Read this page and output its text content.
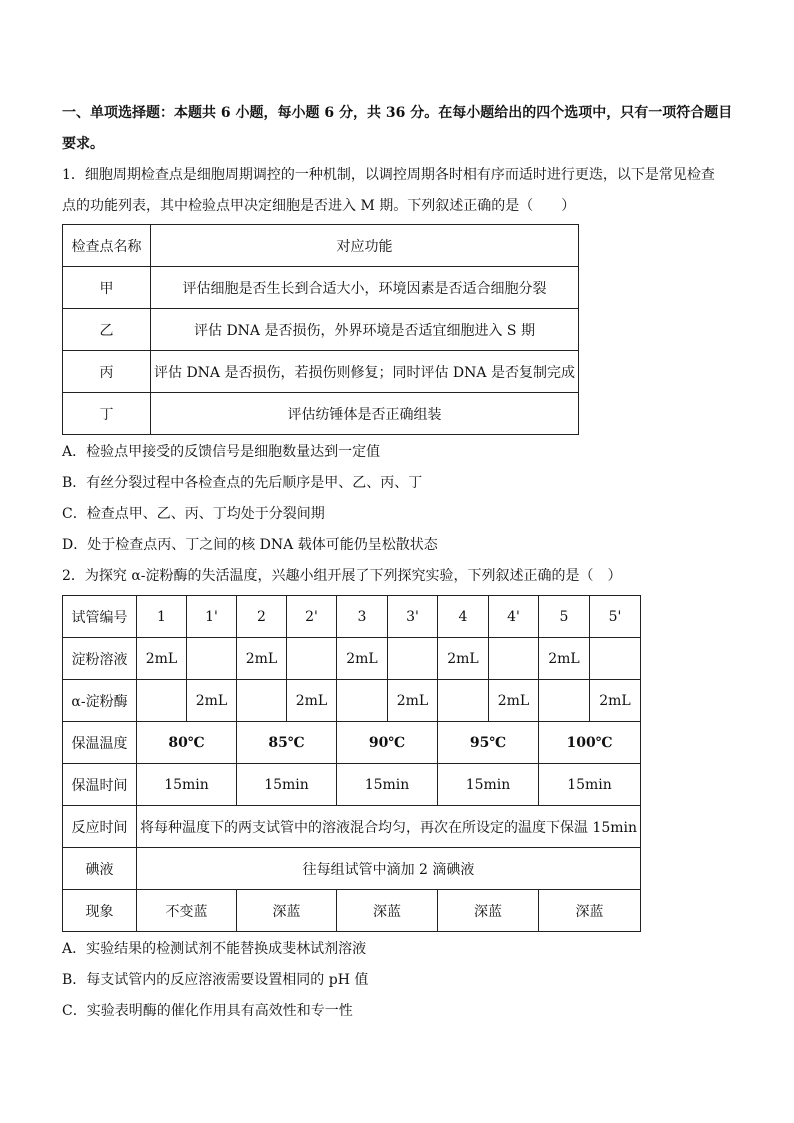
一、单项选择题：本题共 6 小题，每小题 6 分，共 36 分。在每小题给出的四个选项中，只有一项符合题目
要求。
1．细胞周期检查点是细胞周期调控的一种机制，以调控周期各时相有序而适时进行更迭，以下是常见检查
点的功能列表，其中检验点甲决定细胞是否进入 M 期。下列叙述正确的是（　　）
检查点名称	对应功能
甲	评估细胞是否生长到合适大小，环境因素是否适合细胞分裂
乙	评估 DNA 是否损伤，外界环境是否适宜细胞进入 S 期
丙	评估 DNA 是否损伤，若损伤则修复；同时评估 DNA 是否复制完成
丁	评估纺锤体是否正确组装
A．检验点甲接受的反馈信号是细胞数量达到一定值
B．有丝分裂过程中各检查点的先后顺序是甲、乙、丙、丁
C．检查点甲、乙、丙、丁均处于分裂间期
D．处于检查点丙、丁之间的核 DNA 载体可能仍呈松散状态
2．为探究 α-淀粉酶的失活温度，兴趣小组开展了下列探究实验，下列叙述正确的是（　）
试管编号	1	1'	2	2'	3	3'	4	4'	5	5'
淀粉溶液	2mL		2mL		2mL		2mL		2mL	
α-淀粉酶		2mL		2mL		2mL		2mL		2mL
保温温度	80℃		85℃		90℃		95℃		100℃	
保温时间	15min		15min		15min		15min		15min	
反应时间	将每种温度下的两支试管中的溶液混合均匀，再次在所设定的温度下保温 15min									
碘液	往每组试管中滴加 2 滴碘液									
现象	不变蓝		深蓝		深蓝		深蓝		深蓝	
A．实验结果的检测试剂不能替换成斐林试剂溶液
B．每支试管内的反应溶液需要设置相同的 pH 值
C．实验表明酶的催化作用具有高效性和专一性
